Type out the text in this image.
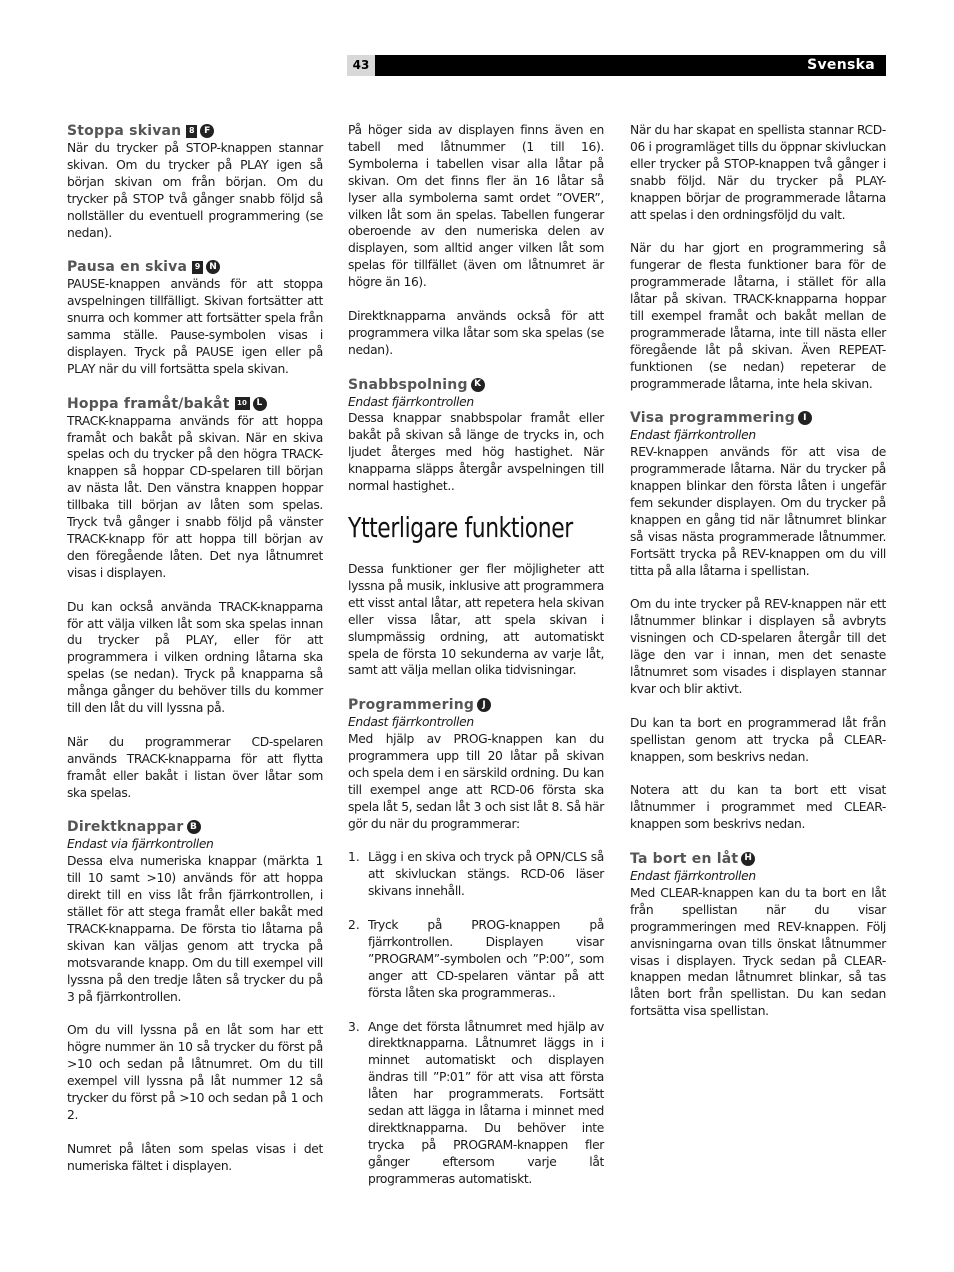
43	Svenska
Stoppa skivan 8	F

När du trycker på STOP-knappen stannar skivan. Om du trycker på PLAY igen så början skivan om från början. Om du trycker på STOP två gånger snabb följd så nollställer du eventuell programmering (se nedan).

Pausa en skiva 9 N

PAUSE-knappen används för att stoppa avspelningen tillfälligt. Skivan fortsätter att snurra och kommer att fortsätter spela från samma ställe. Pause-symbolen visas i displayen. Tryck på PAUSE igen eller på PLAY när du vill fortsätta spela skivan.

Hoppa framåt/bakåt	10	L

TRACK-knapparna används för att hoppa framåt och bakåt på skivan. När en skiva spelas och du trycker på den högra TRACK-knappen så hoppar CD-spelaren till början av nästa låt. Den vänstra knappen hoppar tillbaka till början av låten som spelas. Tryck två gånger i snabb följd på vänster TRACK-knapp för att hoppa till början av den föregående låten. Det nya låtnumret visas i displayen.

Du kan också använda TRACK-knapparna för att välja vilken låt som ska spelas innan du trycker på PLAY, eller för att programmera i vilken ordning låtarna ska spelas (se nedan). Tryck på knapparna så många gånger du behöver tills du kommer till den låt du vill lyssna på.

När du programmerar CD-spelaren används TRACK-knapparna för att flytta framåt eller bakåt i listan över låtar som ska spelas.

Direktknappar B
Endast via fjärrkontrollen

Dessa elva numeriska knappar (märkta 1 till 10 samt >10) används för att hoppa direkt till en viss låt från fjärrkontrollen, i stället för att stega framåt eller bakåt med TRACK-knapparna. De första tio låtarna på skivan kan väljas genom att trycka på motsvarande knapp. Om du till exempel vill lyssna på den tredje låten så trycker du på 3 på fjärrkontrollen.

Om du vill lyssna på en låt som har ett högre nummer än 10 så trycker du först på >10 och sedan på låtnumret. Om du till exempel vill lyssna på låt nummer 12 så trycker du först på >10 och sedan på 1 och 2.

Numret på låten som spelas visas i det numeriska fältet i displayen.

På höger sida av displayen finns även en tabell med låtnummer (1 till 16). Symbolerna i tabellen visar alla låtar på skivan. Om det finns fler än 16 låtar så lyser alla symbolerna samt ordet ”OVER”, vilken låt som än spelas. Tabellen fungerar oberoende av den numeriska delen av displayen, som alltid anger vilken låt som spelas för tillfället (även om låtnumret är högre än 16).

Direktknapparna används också för att programmera vilka låtar som ska spelas (se nedan).

Snabbspolning K
Endast fjärrkontrollen

Dessa knappar snabbspolar framåt eller bakåt på skivan så länge de trycks in, och ljudet återges med hög hastighet. När knapparna släpps återgår avspelningen till normal hastighet..

Ytterligare funktioner

Dessa funktioner ger fler möjligheter att lyssna på musik, inklusive att programmera ett visst antal låtar, att repetera hela skivan eller vissa låtar, att spela skivan i slumpmässig ordning, att automatiskt spela de första 10 sekunderna av varje låt, samt att välja mellan olika tidvisningar.

Programmering J
Endast fjärrkontrollen

Med hjälp av PROG-knappen kan du programmera upp till 20 låtar på skivan och spela dem i en särskild ordning. Du kan till exempel ange att RCD-06 första ska spela låt 5, sedan låt 3 och sist låt 8. Så här gör du när du programmerar:

1. Lägg i en skiva och tryck på OPN/CLS så att skivluckan stängs. RCD-06 läser skivans innehåll.

2. Tryck på PROG-knappen på fjärrkontrollen. Displayen visar ”PROGRAM”-symbolen och ”P:00”, som anger att CD-spelaren väntar på att första låten ska programmeras..

3. Ange det första låtnumret med hjälp av direktknapparna. Låtnumret läggs in i minnet automatiskt och displayen ändras till ”P:01” för att visa att första låten har programmerats. Fortsätt sedan att lägga in låtarna i minnet med direktknapparna. Du behöver inte trycka på PROGRAM-knappen fler gånger eftersom varje låt programmeras automatiskt.

När du har skapat en spellista stannar RCD-06 i programläget tills du öppnar skivluckan eller trycker på STOP-knappen två gånger i snabb följd. När du trycker på PLAY-knappen börjar de programmerade låtarna att spelas i den ordningsföljd du valt.

När du har gjort en programmering så fungerar de flesta funktioner bara för de programmerade låtarna, i stället för alla låtar på skivan. TRACK-knapparna hoppar till exempel framåt och bakåt mellan de programmerade låtarna, inte till nästa eller föregående låt på skivan. Även REPEAT-funktionen (se nedan) repeterar de programmerade låtarna, inte hela skivan.

Visa programmering I
Endast fjärrkontrollen

REV-knappen används för att visa de programmerade låtarna. När du trycker på knappen blinkar den första låten i ungefär fem sekunder displayen. Om du trycker på knappen en gång tid när låtnumret blinkar så visas nästa programmerade låtnummer. Fortsätt trycka på REV-knappen om du vill titta på alla låtarna i spellistan.

Om du inte trycker på REV-knappen när ett låtnummer blinkar i displayen så avbryts visningen och CD-spelaren återgår till det läge den var i innan, men det senaste låtnumret som visades i displayen stannar kvar och blir aktivt.

Du kan ta bort en programmerad låt från spellistan genom att trycka på CLEAR-knappen, som beskrivs nedan.

Notera att du kan ta bort ett visat låtnummer i programmet med CLEAR-knappen som beskrivs nedan.

Ta bort en låt H
Endast fjärrkontrollen

Med CLEAR-knappen kan du ta bort en låt från spellistan när du visar programmeringen med REV-knappen. Följ anvisningarna ovan tills önskat låtnummer visas i displayen. Tryck sedan på CLEAR-knappen medan låtnumret blinkar, så tas låten bort från spellistan. Du kan sedan fortsätta visa spellistan.
